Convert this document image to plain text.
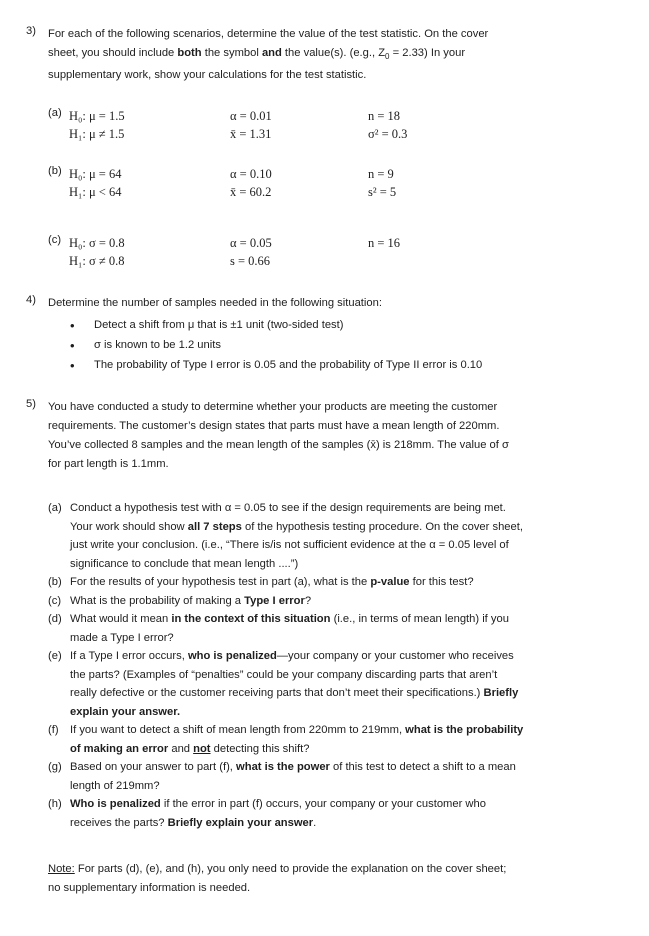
3) For each of the following scenarios, determine the value of the test statistic. On the cover
sheet, you should include both the symbol and the value(s). (e.g., $Z_0 = 2.33$) In your
supplementary work, show your calculations for the test statistic.
(a) H₀: μ = 1.5
H₁: μ ≠ 1.5
α = 0.01
x̄ = 1.31
n = 18
σ² = 0.3
(b) H₀: μ = 64
H₁: μ < 64
α = 0.10
x̄ = 60.2
n = 9
s² = 5
(c) H₀: σ = 0.8
H₁: σ ≠ 0.8
α = 0.05
s = 0.66
n = 16
4) Determine the number of samples needed in the following situation:
• Detect a shift from μ that is ±1 unit (two-sided test)
• σ is known to be 1.2 units
• The probability of Type I error is 0.05 and the probability of Type II error is 0.10
5) You have conducted a study to determine whether your products are meeting the customer
requirements. The customer’s design states that parts must have a mean length of 220mm.
You’ve collected 8 samples and the mean length of the samples (x̄) is 218mm. The value of σ
for part length is 1.1mm.
(a) Conduct a hypothesis test with α = 0.05 to see if the design requirements are being met.
Your work should show all 7 steps of the hypothesis testing procedure. On the cover sheet,
just write your conclusion. (i.e., “There is/is not sufficient evidence at the α = 0.05 level of
significance to conclude that mean length ....”)
(b) For the results of your hypothesis test in part (a), what is the p-value for this test?
(c) What is the probability of making a Type I error?
(d) What would it mean in the context of this situation (i.e., in terms of mean length) if you
made a Type I error?
(e) If a Type I error occurs, who is penalized—your company or your customer who receives
the parts? (Examples of “penalties” could be your company discarding parts that aren’t
really defective or the customer receiving parts that don’t meet their specifications.) Briefly
explain your answer.
(f) If you want to detect a shift of mean length from 220mm to 219mm, what is the probability
of making an error and not detecting this shift?
(g) Based on your answer to part (f), what is the power of this test to detect a shift to a mean
length of 219mm?
(h) Who is penalized if the error in part (f) occurs, your company or your customer who
receives the parts? Briefly explain your answer.
Note: For parts (d), (e), and (h), you only need to provide the explanation on the cover sheet;
no supplementary information is needed.
